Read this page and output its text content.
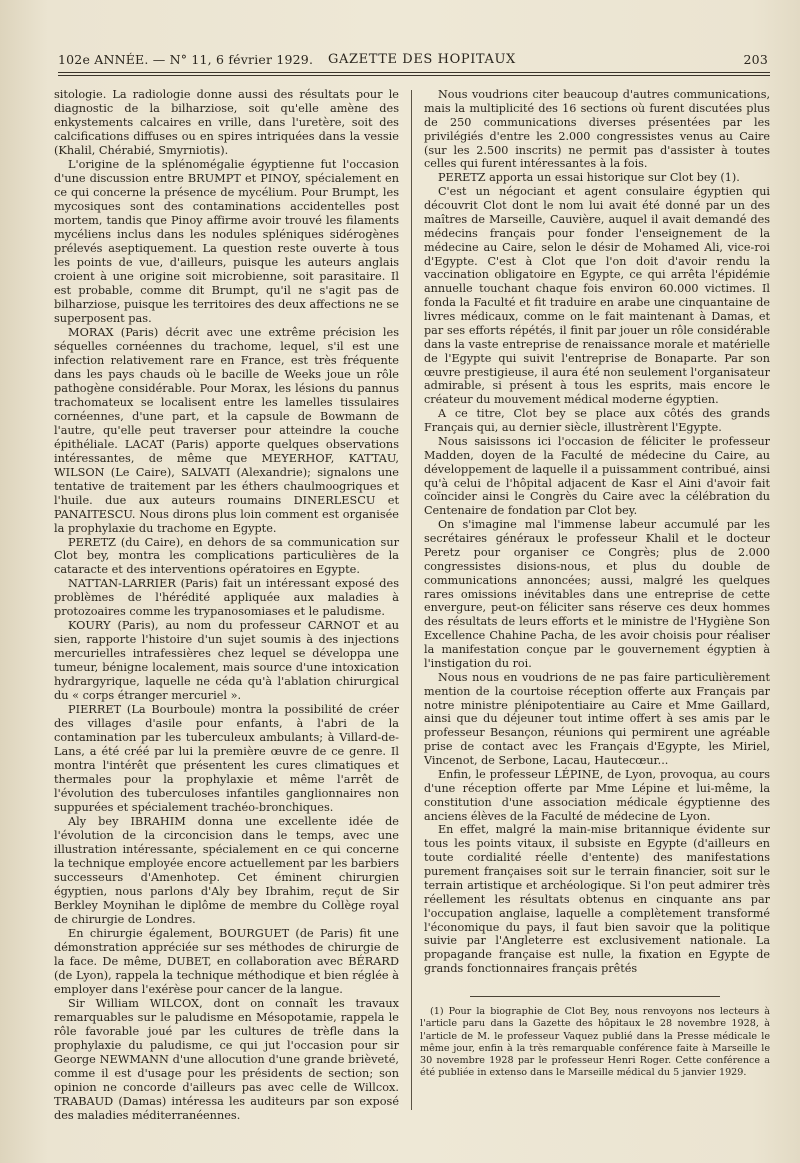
102e ANNÉE. — N° 11, 6 février 1929. GAZETTE DES HOPITAUX	203

sitologie. La radiologie donne aussi des résultats pour le diagnostic de la bilharziose, soit qu'elle amène des enkystements calcaires en vrille, dans l'uretère, soit des calcifications diffuses ou en spires intriquées dans la vessie (Khalil, Chérabié, Smyrniotis).

L'origine de la splénomégalie égyptienne fut l'occasion d'une discussion entre BRUMPT et PINOY, spécialement en ce qui concerne la présence de mycélium. Pour Brumpt, les mycosiques sont des contaminations accidentelles post mortem, tandis que Pinoy affirme avoir trouvé les filaments mycéliens inclus dans les nodules spléniques sidérogènes prélevés aseptiquement. La question reste ouverte à tous les points de vue, d'ailleurs, puisque les auteurs anglais croient à une origine soit microbienne, soit parasitaire. Il est probable, comme dit Brumpt, qu'il ne s'agit pas de bilharziose, puisque les territoires des deux affections ne se superposent pas.

MORAX (Paris) décrit avec une extrême précision les séquelles cornéennes du trachome, lequel, s'il est une infection relativement rare en France, est très fréquente dans les pays chauds où le bacille de Weeks joue un rôle pathogène considérable. Pour Morax, les lésions du pannus trachomateux se localisent entre les lamelles tissulaires cornéennes, d'une part, et la capsule de Bowmann de l'autre, qu'elle peut traverser pour atteindre la couche épithéliale. LACAT (Paris) apporte quelques observations intéressantes, de même que MEYERHOF, KATTAU, WILSON (Le Caire), SALVATI (Alexandrie); signalons une tentative de traitement par les éthers chaulmoogriques et l'huile. due aux auteurs roumains DINERLESCU et PANAITESCU. Nous dirons plus loin comment est organisée la prophylaxie du trachome en Egypte.

PERETZ (du Caire), en dehors de sa communication sur Clot bey, montra les complications particulières de la cataracte et des interventions opératoires en Egypte.

NATTAN-LARRIER (Paris) fait un intéressant exposé des problèmes de l'hérédité appliquée aux maladies à protozoaires comme les trypanosomiases et le paludisme.

KOURY (Paris), au nom du professeur CARNOT et au sien, rapporte l'histoire d'un sujet soumis à des injections mercurielles intrafessières chez lequel se développa une tumeur, bénigne localement, mais source d'une intoxication hydrargyrique, laquelle ne céda qu'à l'ablation chirurgical du « corps étranger mercuriel ».

PIERRET (La Bourboule) montra la possibilité de créer des villages d'asile pour enfants, à l'abri de la contamination par les tuberculeux ambulants; à Villard-de-Lans, a été créé par lui la première œuvre de ce genre. Il montra l'intérêt que présentent les cures climatiques et thermales pour la prophylaxie et même l'arrêt de l'évolution des tuberculoses infantiles ganglionnaires non suppurées et spécialement trachéo-bronchiques.

Aly bey IBRAHIM donna une excellente idée de l'évolution de la circoncision dans le temps, avec une illustration intéressante, spécialement en ce qui concerne la technique employée encore actuellement par les barbiers successeurs d'Amenhotep. Cet éminent chirurgien égyptien, nous parlons d'Aly bey Ibrahim, reçut de Sir Berkley Moynihan le diplôme de membre du Collège royal de chirurgie de Londres.

En chirurgie également, BOURGUET (de Paris) fit une démonstration appréciée sur ses méthodes de chirurgie de la face. De même, DUBET, en collaboration avec BÉRARD (de Lyon), rappela la technique méthodique et bien réglée à employer dans l'exérèse pour cancer de la langue.

Sir William WILCOX, dont on connaît les travaux remarquables sur le paludisme en Mésopotamie, rappela le rôle favorable joué par les cultures de trèfle dans la prophylaxie du paludisme, ce qui jut l'occasion pour sir George NEWMANN d'une allocution d'une grande brièveté, comme il est d'usage pour les présidents de section; son opinion ne concorde d'ailleurs pas avec celle de Willcox. TRABAUD (Damas) intéressa les auditeurs par son exposé des maladies méditerranéennes.

Nous voudrions citer beaucoup d'autres communications, mais la multiplicité des 16 sections où furent discutées plus de 250 communications diverses présentées par les privilégiés d'entre les 2.000 congressistes venus au Caire (sur les 2.500 inscrits) ne permit pas d'assister à toutes celles qui furent intéressantes à la fois.

PERETZ apporta un essai historique sur Clot bey (1).

C'est un négociant et agent consulaire égyptien qui découvrit Clot dont le nom lui avait été donné par un des maîtres de Marseille, Cauvière, auquel il avait demandé des médecins français pour fonder l'enseignement de la médecine au Caire, selon le désir de Mohamed Ali, vice-roi d'Egypte. C'est à Clot que l'on doit d'avoir rendu la vaccination obligatoire en Egypte, ce qui arrêta l'épidémie annuelle touchant chaque fois environ 60.000 victimes. Il fonda la Faculté et fit traduire en arabe une cinquantaine de livres médicaux, comme on le fait maintenant à Damas, et par ses efforts répétés, il finit par jouer un rôle considérable dans la vaste entreprise de renaissance morale et matérielle de l'Egypte qui suivit l'entreprise de Bonaparte. Par son œuvre prestigieuse, il aura été non seulement l'organisateur admirable, si présent à tous les esprits, mais encore le créateur du mouvement médical moderne égyptien.

A ce titre, Clot bey se place aux côtés des grands Français qui, au dernier siècle, illustrèrent l'Egypte.

Nous saisissons ici l'occasion de féliciter le professeur Madden, doyen de la Faculté de médecine du Caire, au développement de laquelle il a puissamment contribué, ainsi qu'à celui de l'hôpital adjacent de Kasr el Aini d'avoir fait coïncider ainsi le Congrès du Caire avec la célébration du Centenaire de fondation par Clot bey.

On s'imagine mal l'immense labeur accumulé par les secrétaires généraux le professeur Khalil et le docteur Peretz pour organiser ce Congrès; plus de 2.000 congressistes disions-nous, et plus du double de communications annoncées; aussi, malgré les quelques rares omissions inévitables dans une entreprise de cette envergure, peut-on féliciter sans réserve ces deux hommes des résultats de leurs efforts et le ministre de l'Hygiène Son Excellence Chahine Pacha, de les avoir choisis pour réaliser la manifestation conçue par le gouvernement égyptien à l'instigation du roi.

Nous nous en voudrions de ne pas faire particulièrement mention de la courtoise réception offerte aux Français par notre ministre plénipotentiaire au Caire et Mme Gaillard, ainsi que du déjeuner tout intime offert à ses amis par le professeur Besançon, réunions qui permirent une agréable prise de contact avec les Français d'Egypte, les Miriel, Vincenot, de Serbone, Lacau, Hautecœur...

Enfin, le professeur LÉPINE, de Lyon, provoqua, au cours d'une réception offerte par Mme Lépine et lui-même, la constitution d'une association médicale égyptienne des anciens élèves de la Faculté de médecine de Lyon.

En effet, malgré la main-mise britannique évidente sur tous les points vitaux, il subsiste en Egypte (d'ailleurs en toute cordialité réelle d'entente) des manifestations purement françaises soit sur le terrain financier, soit sur le terrain artistique et archéologique. Si l'on peut admirer très réellement les résultats obtenus en cinquante ans par l'occupation anglaise, laquelle a complètement transformé l'économique du pays, il faut bien savoir que la politique suivie par l'Angleterre est exclusivement nationale. La propagande française est nulle, la fixation en Egypte de grands fonctionnaires français prêtés

(1) Pour la biographie de Clot Bey, nous renvoyons nos lecteurs à l'article paru dans la Gazette des hôpitaux le 28 novembre 1928, à l'article de M. le professeur Vaquez publié dans la Presse médicale le même jour, enfin à la très remarquable conférence faite à Marseille le 30 novembre 1928 par le professeur Henri Roger. Cette conférence a été publiée in extenso dans le Marseille médical du 5 janvier 1929.
